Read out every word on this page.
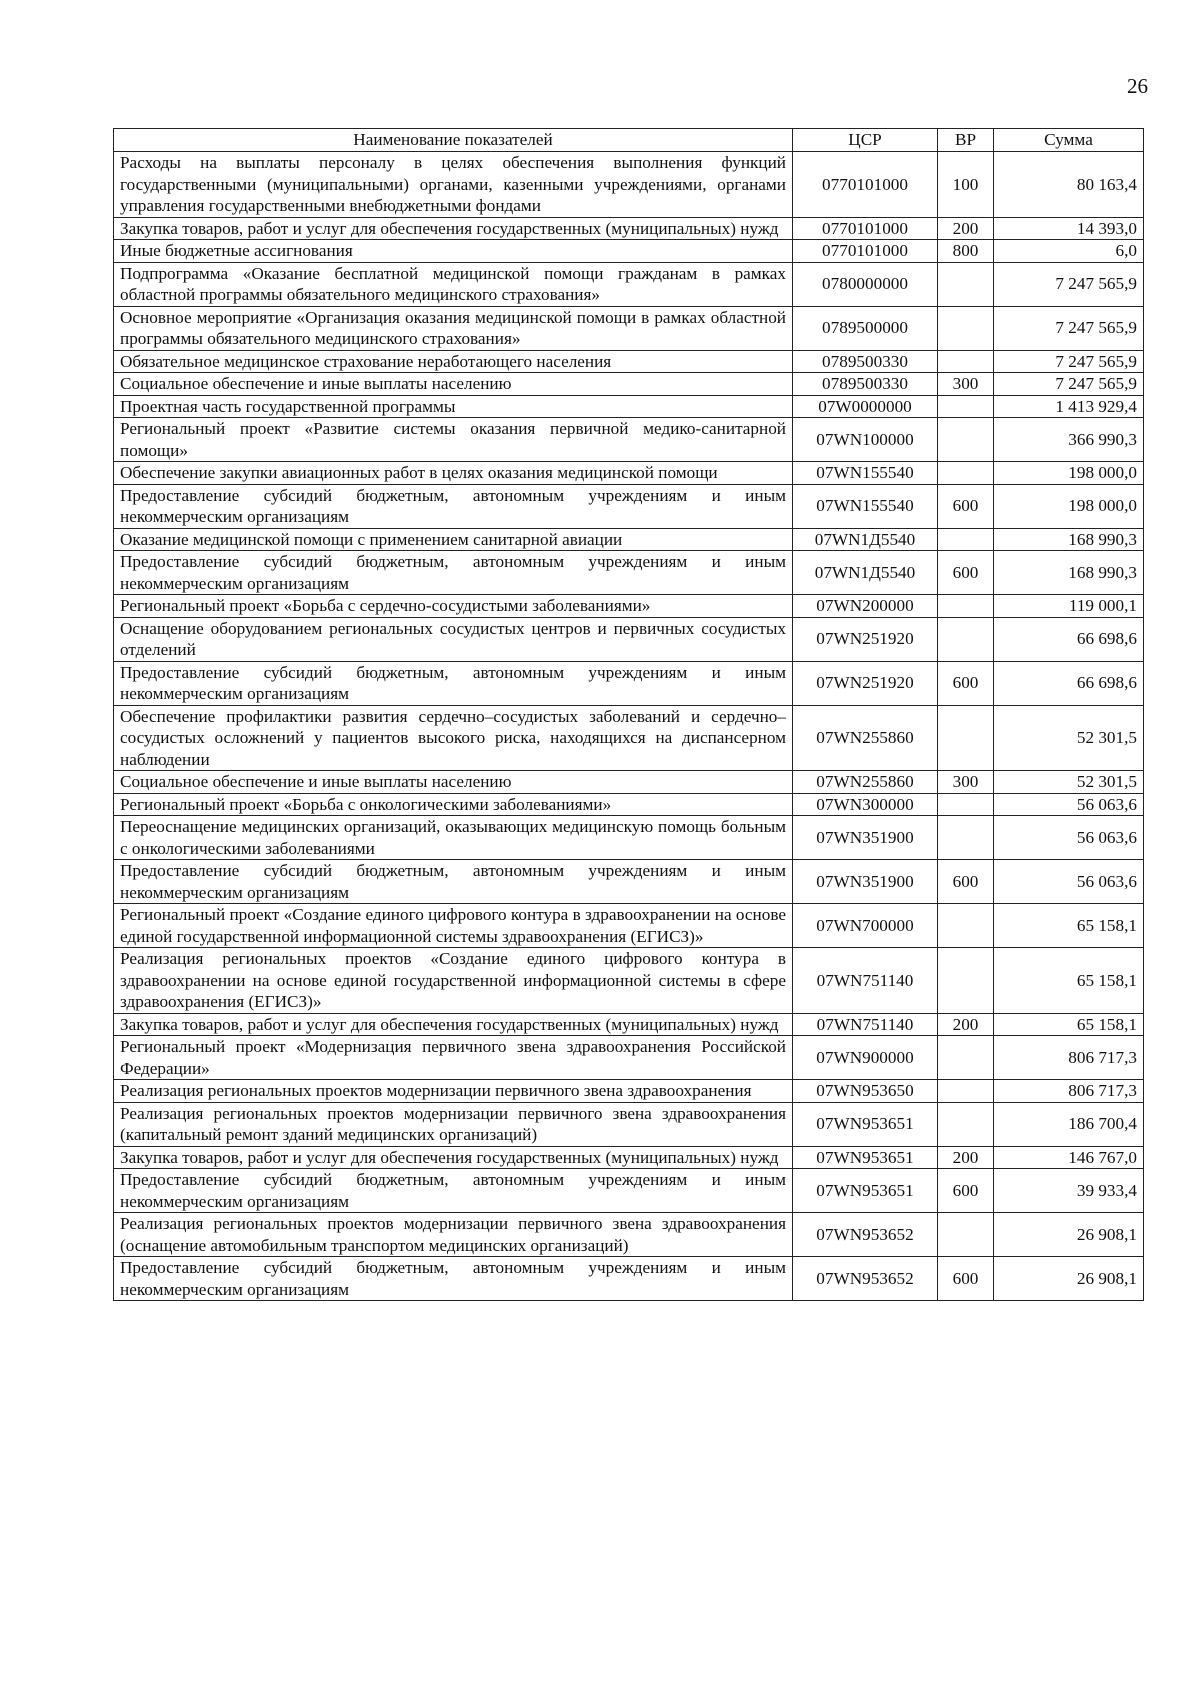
26
Наименование показателей	ЦСР	ВР	Сумма
Расходы на выплаты персоналу в целях обеспечения выполнения функций государственными (муниципальными) органами, казенными учреждениями, органами управления государственными внебюджетными фондами	0770101000	100	80 163,4
Закупка товаров, работ и услуг для обеспечения государственных (муниципальных) нужд	0770101000	200	14 393,0
Иные бюджетные ассигнования	0770101000	800	6,0
Подпрограмма «Оказание бесплатной медицинской помощи гражданам в рамках областной программы обязательного медицинского страхования»	0780000000		7 247 565,9
Основное мероприятие «Организация оказания медицинской помощи в рамках областной программы обязательного медицинского страхования»	0789500000		7 247 565,9
Обязательное медицинское страхование неработающего населения	0789500330		7 247 565,9
Социальное обеспечение и иные выплаты населению	0789500330	300	7 247 565,9
Проектная часть государственной программы	07W0000000		1 413 929,4
Региональный проект «Развитие системы оказания первичной медико-санитарной помощи»	07WN100000		366 990,3
Обеспечение закупки авиационных работ в целях оказания медицинской помощи	07WN155540		198 000,0
Предоставление субсидий бюджетным, автономным учреждениям и иным некоммерческим организациям	07WN155540	600	198 000,0
Оказание медицинской помощи с применением санитарной авиации	07WN1Д5540		168 990,3
Предоставление субсидий бюджетным, автономным учреждениям и иным некоммерческим организациям	07WN1Д5540	600	168 990,3
Региональный проект «Борьба с сердечно-сосудистыми заболеваниями»	07WN200000		119 000,1
Оснащение оборудованием региональных сосудистых центров и первичных сосудистых отделений	07WN251920		66 698,6
Предоставление субсидий бюджетным, автономным учреждениям и иным некоммерческим организациям	07WN251920	600	66 698,6
Обеспечение профилактики развития сердечно–сосудистых заболеваний и сердечно–сосудистых осложнений у пациентов высокого риска, находящихся на диспансерном наблюдении	07WN255860		52 301,5
Социальное обеспечение и иные выплаты населению	07WN255860	300	52 301,5
Региональный проект «Борьба с онкологическими заболеваниями»	07WN300000		56 063,6
Переоснащение медицинских организаций, оказывающих медицинскую помощь больным с онкологическими заболеваниями	07WN351900		56 063,6
Предоставление субсидий бюджетным, автономным учреждениям и иным некоммерческим организациям	07WN351900	600	56 063,6
Региональный проект «Создание единого цифрового контура в здравоохранении на основе единой государственной информационной системы здравоохранения (ЕГИСЗ)»	07WN700000		65 158,1
Реализация региональных проектов «Создание единого цифрового контура в здравоохранении на основе единой государственной информационной системы в сфере здравоохранения (ЕГИСЗ)»	07WN751140		65 158,1
Закупка товаров, работ и услуг для обеспечения государственных (муниципальных) нужд	07WN751140	200	65 158,1
Региональный проект «Модернизация первичного звена здравоохранения Российской Федерации»	07WN900000		806 717,3
Реализация региональных проектов модернизации первичного звена здравоохранения	07WN953650		806 717,3
Реализация региональных проектов модернизации первичного звена здравоохранения (капитальный ремонт зданий медицинских организаций)	07WN953651		186 700,4
Закупка товаров, работ и услуг для обеспечения государственных (муниципальных) нужд	07WN953651	200	146 767,0
Предоставление субсидий бюджетным, автономным учреждениям и иным некоммерческим организациям	07WN953651	600	39 933,4
Реализация региональных проектов модернизации первичного звена здравоохранения (оснащение автомобильным транспортом медицинских организаций)	07WN953652		26 908,1
Предоставление субсидий бюджетным, автономным учреждениям и иным некоммерческим организациям	07WN953652	600	26 908,1
